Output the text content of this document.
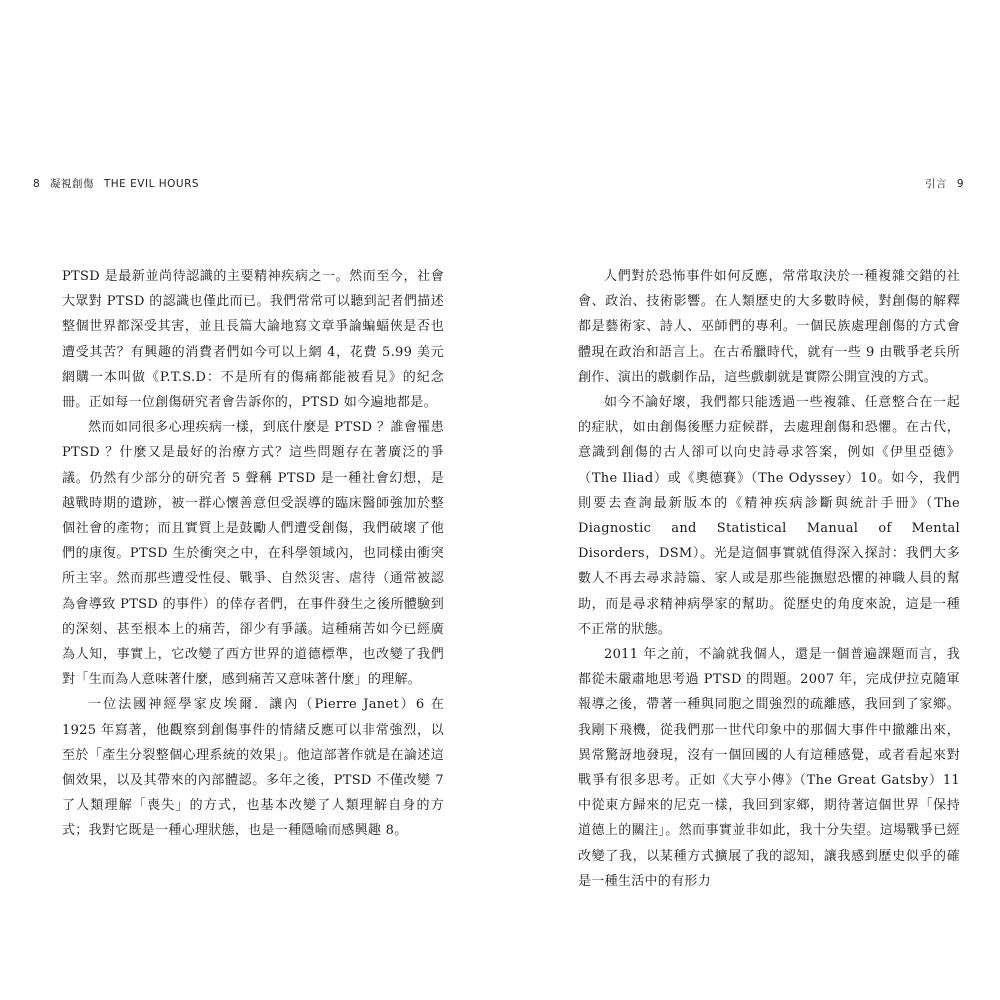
8 凝視創傷 THE EVIL HOURS	引言 9

PTSD 是最新並尚待認識的主要精神疾病之一。然而至今，社會大眾對 PTSD 的認識也僅此而已。我們常常可以聽到記者們描述整個世界都深受其害，並且長篇大論地寫文章爭論蝙蝠俠是否也遭受其苦？有興趣的消費者們如今可以上網 4，花費 5.99 美元網購一本叫做《P.T.S.D：不是所有的傷痛都能被看見》的紀念冊。正如每一位創傷研究者會告訴你的，PTSD 如今遍地都是。

然而如同很多心理疾病一樣，到底什麼是 PTSD ？誰會罹患 PTSD ？什麼又是最好的治療方式？這些問題存在著廣泛的爭議。仍然有少部分的研究者 5 聲稱 PTSD 是一種社會幻想，是越戰時期的遺跡，被一群心懷善意但受誤導的臨床醫師強加於整個社會的產物；而且實質上是鼓勵人們遭受創傷，我們破壞了他們的康復。PTSD 生於衝突之中，在科學領域內，也同樣由衝突所主宰。然而那些遭受性侵、戰爭、自然災害、虐待（通常被認為會導致 PTSD 的事件）的倖存者們，在事件發生之後所體驗到的深刻、甚至根本上的痛苦，卻少有爭議。這種痛苦如今已經廣為人知，事實上，它改變了西方世界的道德標準，也改變了我們對「生而為人意味著什麼，感到痛苦又意味著什麼」的理解。

一位法國神經學家皮埃爾．讓內（Pierre Janet）6 在 1925 年寫著，他觀察到創傷事件的情緒反應可以非常強烈，以至於「產生分裂整個心理系統的效果」。他這部著作就是在論述這個效果，以及其帶來的內部體認。多年之後，PTSD 不僅改變 7 了人類理解「喪失」的方式，也基本改變了人類理解自身的方式；我對它既是一種心理狀態，也是一種隱喻而感興趣 8。

人們對於恐怖事件如何反應，常常取決於一種複雜交錯的社會、政治、技術影響。在人類歷史的大多數時候，對創傷的解釋都是藝術家、詩人、巫師們的專利。一個民族處理創傷的方式會體現在政治和語言上。在古希臘時代，就有一些 9 由戰爭老兵所創作、演出的戲劇作品，這些戲劇就是實際公開宣洩的方式。

如今不論好壞，我們都只能透過一些複雜、任意整合在一起的症狀，如由創傷後壓力症候群，去處理創傷和恐懼。在古代，意識到創傷的古人卻可以向史詩尋求答案，例如《伊里亞德》（The Iliad）或《奧德賽》（The Odyssey）10。如今，我們則要去查詢最新版本的《精神疾病診斷與統計手冊》（The Diagnostic and Statistical Manual of Mental Disorders，DSM）。光是這個事實就值得深入探討：我們大多數人不再去尋求詩篇、家人或是那些能撫慰恐懼的神職人員的幫助，而是尋求精神病學家的幫助。從歷史的角度來說，這是一種不正常的狀態。

2011 年之前，不論就我個人，還是一個普遍課題而言，我都從未嚴肅地思考過 PTSD 的問題。2007 年，完成伊拉克隨軍報導之後，帶著一種與同胞之間強烈的疏離感，我回到了家鄉。我剛下飛機，從我們那一世代印象中的那個大事件中撤離出來，異常驚訝地發現，沒有一個回國的人有這種感覺，或者看起來對戰爭有很多思考。正如《大亨小傳》（The Great Gatsby）11 中從東方歸來的尼克一樣，我回到家鄉，期待著這個世界「保持道德上的關注」。然而事實並非如此，我十分失望。這場戰爭已經改變了我，以某種方式擴展了我的認知，讓我感到歷史似乎的確是一種生活中的有形力
